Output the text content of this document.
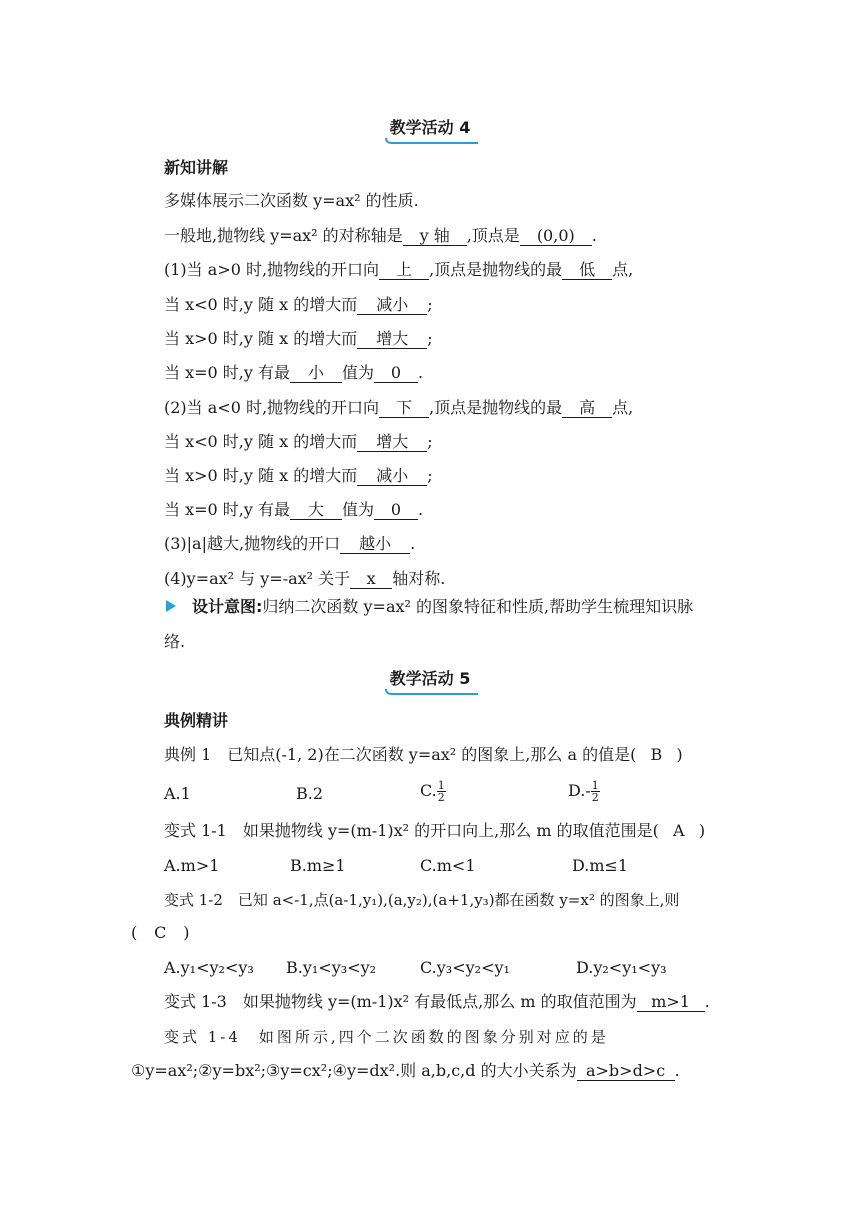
教学活动 4
新知讲解
多媒体展示二次函数 y=ax² 的性质.
一般地,抛物线 y=ax² 的对称轴是 y 轴 ,顶点是 (0,0) .
(1)当 a>0 时,抛物线的开口向 上 ,顶点是抛物线的最 低 点,
当 x<0 时,y 随 x 的增大而 减小 ;
当 x>0 时,y 随 x 的增大而 增大 ;
当 x=0 时,y 有最 小 值为 0 .
(2)当 a<0 时,抛物线的开口向 下 ,顶点是抛物线的最 高 点,
当 x<0 时,y 随 x 的增大而 增大 ;
当 x>0 时,y 随 x 的增大而 减小 ;
当 x=0 时,y 有最 大 值为 0 .
(3)|a|越大,抛物线的开口 越小 .
(4)y=ax² 与 y=-ax² 关于 x 轴对称.
设计意图:归纳二次函数 y=ax² 的图象特征和性质,帮助学生梳理知识脉
络.
教学活动 5
典例精讲
典例 1　已知点(-1, 2)在二次函数 y=ax² 的图象上,那么 a 的值是( B )
A.1	B.2	C. $\frac{1}{2}$	$D.- \frac{1}{2}$
变式 1-1　如果抛物线 y=(m-1)x² 的开口向上,那么 m 的取值范围是( A )
A.m>1	B.m≥1	C.m<1	D.m≤1
变式 1-2　已知 a<-1,点(a-1,y₁),(a,y₂),(a+1,y₃)都在函数 y=x² 的图象上,则
( C )
A.y₁<y₂<y₃ B.y₁<y₃<y₂	C.y₃<y₂<y₁	D.y₂<y₁<y₃
变式 1-3　如果抛物线 y=(m-1)x² 有最低点,那么 m 的取值范围为 m>1 .
变式 1-4　如图所示,四个二次函数的图象分别对应的是
①y=ax²;②y=bx²;③y=cx²;④y=dx².则 a,b,c,d 的大小关系为 a>b>d>c .
